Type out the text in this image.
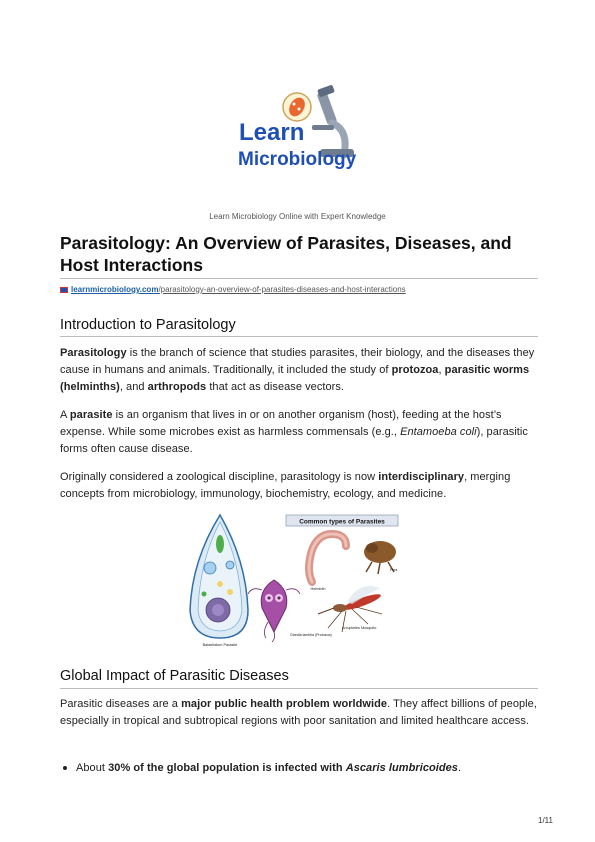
Learn
Microbiology
Learn Microbiology Online with Expert Knowledge
Parasitology: An Overview of Parasites, Diseases, and Host Interactions
learnmicrobiology.com/parasitology-an-overview-of-parasites-diseases-and-host-interactions
Introduction to Parasitology

Parasitology is the branch of science that studies parasites, their biology, and the diseases they cause in humans and animals. Traditionally, it included the study of protozoa, parasitic worms (helminths), and arthropods that act as disease vectors.

A parasite is an organism that lives in or on another organism (host), feeding at the host’s expense. While some microbes exist as harmless commensals (e.g., Entamoeba coli), parasitic forms often cause disease.

Originally considered a zoological discipline, parasitology is now interdisciplinary, merging concepts from microbiology, immunology, biochemistry, ecology, and medicine.

Common types of Parasites
Balantidium Parasite
Helminth
Flea
Giardia lamblia (Protozoa)
Anopheles Mosquito
Global Impact of Parasitic Diseases

Parasitic diseases are a major public health problem worldwide. They affect billions of people, especially in tropical and subtropical regions with poor sanitation and limited healthcare access.

About 30% of the global population is infected with Ascaris lumbricoides.

1/11
